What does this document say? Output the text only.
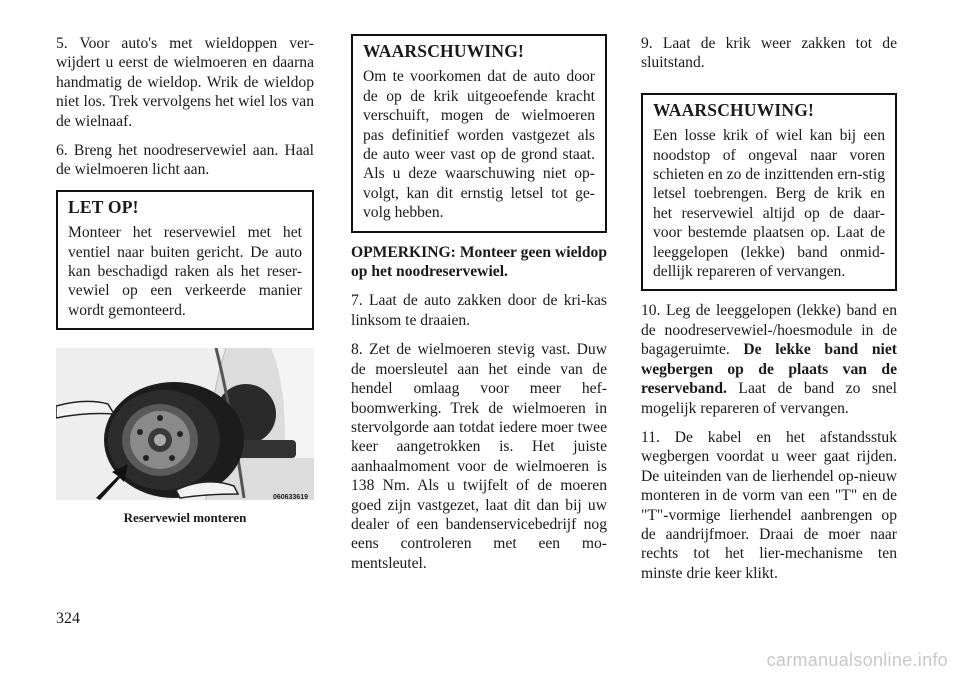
5. Voor auto's met wieldoppen ver-wijdert u eerst de wielmoeren en daarna handmatig de wieldop. Wrik de wieldop niet los. Trek vervolgens het wiel los van de wielnaaf.

6. Breng het noodreservewiel aan. Haal de wielmoeren licht aan.

LET OP!

Monteer het reservewiel met het ventiel naar buiten gericht. De auto kan beschadigd raken als het reser-vewiel op een verkeerde manier wordt gemonteerd.

060633619
Reservewiel monteren
WAARSCHUWING!

Om te voorkomen dat de auto door de op de krik uitgeoefende kracht verschuift, mogen de wielmoeren pas definitief worden vastgezet als de auto weer vast op de grond staat. Als u deze waarschuwing niet op-volgt, kan dit ernstig letsel tot ge-volg hebben.

OPMERKING: Monteer geen wieldop op het noodreservewiel.

7. Laat de auto zakken door de kri-kas linksom te draaien.

8. Zet de wielmoeren stevig vast. Duw de moersleutel aan het einde van de hendel omlaag voor meer hef-boomwerking. Trek de wielmoeren in stervolgorde aan totdat iedere moer twee keer aangetrokken is. Het juiste aanhaalmoment voor de wielmoeren is 138 Nm. Als u twijfelt of de moeren goed zijn vastgezet, laat dit dan bij uw dealer of een bandenservicebedrijf nog eens controleren met een mo-mentsleutel.

9. Laat de krik weer zakken tot de sluitstand.

WAARSCHUWING!

Een losse krik of wiel kan bij een noodstop of ongeval naar voren schieten en zo de inzittenden ern-stig letsel toebrengen. Berg de krik en het reservewiel altijd op de daar-voor bestemde plaatsen op. Laat de leeggelopen (lekke) band onmid-dellijk repareren of vervangen.

10. Leg de leeggelopen (lekke) band en de noodreservewiel-/hoesmodule in de bagageruimte. De lekke band niet wegbergen op de plaats van de reserveband. Laat de band zo snel mogelijk repareren of vervangen.

11. De kabel en het afstandsstuk wegbergen voordat u weer gaat rijden. De uiteinden van de lierhendel op-nieuw monteren in de vorm van een "T" en de "T"-vormige lierhendel aanbrengen op de aandrijfmoer. Draai de moer naar rechts tot het lier-mechanisme ten minste drie keer klikt.

324
carmanualsonline.info
